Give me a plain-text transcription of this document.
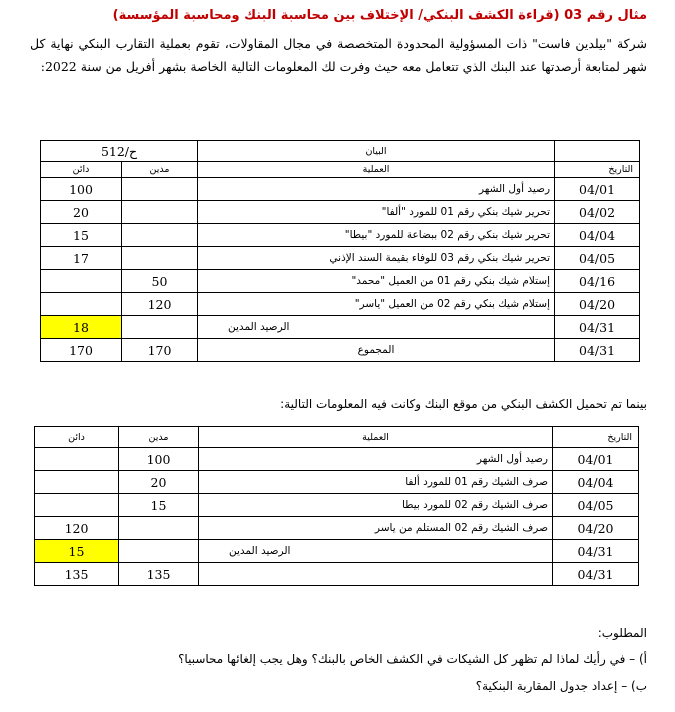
مثال رقم 03 (قراءة الكشف البنكي/ الإختلاف بين محاسبة البنك ومحاسبة المؤسسة)
شركة "بيلدين فاست" ذات المسؤولية المحدودة المتخصصة في مجال المقاولات، تقوم بعملية التقارب البنكي نهاية كل شهر لمتابعة أرصدتها عند البنك الذي تتعامل معه حيث وفرت لك المعلومات التالية الخاصة بشهر أفريل من سنة 2022:
ح/512		البيان	
دائن	مدين	العملية	التاريخ
100		رصيد أول الشهر	04/01
20		تحرير شيك بنكي رقم 01 للمورد "ألفا"	04/02
15		تحرير شيك بنكي رقم 02 ببضاعة للمورد "بيطا"	04/04
17		تحرير شيك بنكي رقم 03 للوفاء بقيمة السند الإذني	04/05
	50	إستلام شيك بنكي رقم 01 من العميل "محمد"	04/16
	120	إستلام شيك بنكي رقم 02 من العميل "ياسر"	04/20
18		الرصيد المدين	04/31
170	170	المجموع	04/31
بينما تم تحميل الكشف البنكي من موقع البنك وكانت فيه المعلومات التالية:
دائن	مدين	العملية	التاريخ
	100	رصيد أول الشهر	04/01
	20	صرف الشيك رقم 01 للمورد ألفا	04/04
	15	صرف الشيك رقم 02 للمورد بيطا	04/05
120		صرف الشيك رقم 02 المستلم من ياسر	04/20
15		الرصيد المدين	04/31
135	135		04/31
المطلوب:
أ) – في رأيك لماذا لم تظهر كل الشيكات في الكشف الخاص بالبنك؟ وهل يجب إلغائها محاسبيا؟
ب) – إعداد جدول المقاربة البنكية؟
